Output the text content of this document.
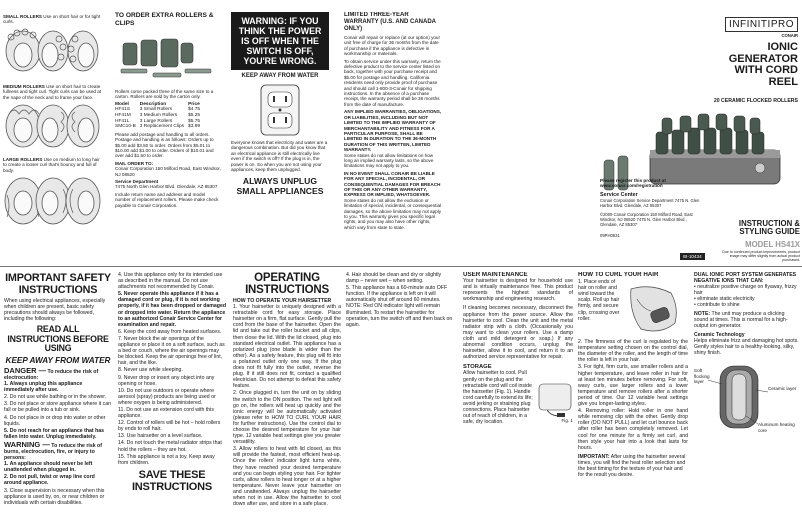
SMALL ROLLERS Use on short hair or for tight curls.
MEDIUM ROLLERS Use on short hair to create fullness and tight curl. Tight curls can be used at the nape of the neck and to frame your face.
LARGE ROLLERS Use on medium to long hair to create a looser curl that's bouncy and full of body.
TO ORDER EXTRA ROLLERS & CLIPS
Rollers come packed three of the same size to a carton. Rollers are sold by the carton only.
Model	Description	Price
HF41S	3 Small Rollers	$4.75
HF41M	3 Medium Rollers	$5.25
HF41L	3 Large Rollers	$5.75
SMC10-B	3 Replacement Clips	$3.99
Please add postage and handling to all orders. Postage and handling is as follows: Orders up to $5.00 add $3.50 to order. Orders from $5.01 to $10.00 add $1.00 to order. Orders of $10.01 and over add $1.50 to order.
MAIL ORDER TO:
Conair Corporation 150 Milford Road, East Windsor, NJ 08520
Service Department
7475 North Glen Harbor Blvd. Glendale, AZ 85307
Include return name and address and model number of replacement rollers. Please make check payable to Conair Corporation.
WARNING: IF YOU THINK THE POWER IS OFF WHEN THE SWITCH IS OFF, YOU'RE WRONG.
KEEP AWAY FROM WATER
Everyone knows that electricity and water are a dangerous combination. But did you know that an electrical appliance is still electrically live even if the switch is off? If the plug is in, the power is on. So when you are not using your appliances, keep them unplugged.
ALWAYS UNPLUG SMALL APPLIANCES
LIMITED THREE-YEAR WARRANTY (U.S. AND CANADA ONLY)
Conair will repair or replace (at our option) your unit free of charge for 36 months from the date of purchase if the appliance is defective in workmanship or materials.
To obtain service under this warranty, return the defective product to the service center listed on back, together with your purchase receipt and $5.00 for postage and handling. California residents need only provide proof of purchase and should call 1-800-3-Conair for shipping instructions. In the absence of a purchase receipt, the warranty period shall be 36 months from the date of manufacture.
ANY IMPLIED WARRANTIES, OBLIGATIONS, OR LIABILITIES, INCLUDING BUT NOT LIMITED TO THE IMPLIED WARRANTY OF MERCHANTABILITY AND FITNESS FOR A PARTICULAR PURPOSE, SHALL BE LIMITED IN DURATION TO THE 36-MONTH DURATION OF THIS WRITTEN, LIMITED WARRANTY.
Some states do not allow limitations on how long an implied warranty lasts, so the above limitations may not apply to you.
IN NO EVENT SHALL CONAIR BE LIABLE FOR ANY SPECIAL, INCIDENTAL, OR CONSEQUENTIAL DAMAGES FOR BREACH OF THIS OR ANY OTHER WARRANTY, EXPRESS OR IMPLIED, WHATSOEVER.
Some states do not allow the exclusion or limitation of special, incidental, or consequential damages, so the above limitation may not apply to you. This warranty gives you specific legal rights, and you may also have other rights, which vary from state to state.
INFINITIPRO
CONAIR
IONIC GENERATOR WITH CORD REEL
20 CERAMIC FLOCKED ROLLERS
Please register this product at www.conair.com/registration
Service Center
Conair Corporation Service Department 7475 N. Glen Harbor Blvd. Glendale, AZ 85307
©2009 Conair Corporation 150 Milford Road, East Windsor, NJ 08520 7475 N. Glen Harbor Blvd., Glendale, AZ 85307
09PH0631
IB-10434
INSTRUCTION & STYLING GUIDE
MODEL HS41X
Due to continued product improvements, product image may differ slightly from actual product purchased.
IMPORTANT SAFETY INSTRUCTIONS
When using electrical appliances, especially when children are present, basic safety precautions should always be followed, including the following:
READ ALL INSTRUCTIONS BEFORE USING
KEEP AWAY FROM WATER
DANGER — To reduce the risk of electrocution:
1. Always unplug this appliance immediately after use.
2. Do not use while bathing or in the shower.
3. Do not place or store appliance where it can fall or be pulled into a tub or sink.
4. Do not place in or drop into water or other liquids.
5. Do not reach for an appliance that has fallen into water. Unplug immediately.
WARNING — To reduce the risk of burns, electrocution, fire, or injury to persons:
1. An appliance should never be left unattended when plugged in.
2. Do not pull, twist or wrap line cord around appliance.
3. Close supervision is necessary when this appliance is used by, on, or near children or individuals with certain disabilities.
4. Use this appliance only for its intended use as described in the manual. Do not use attachments not recommended by Conair.
5. Never operate this appliance if it has a damaged cord or plug, if it is not working properly, if it has been dropped or damaged or dropped into water. Return the appliance to an authorized Conair Service Center for examination and repair.
6. Keep the cord away from heated surfaces.
7. Never block the air openings of the appliance or place it on a soft surface, such as a bed or couch, where the air openings may be blocked. Keep the air openings free of lint, hair, and the like.
8. Never use while sleeping.
9. Never drop or insert any object into any opening or hose.
10. Do not use outdoors or operate where aerosol (spray) products are being used or where oxygen is being administered.
11. Do not use an extension cord with this appliance.
12. Control of rollers will be hot – hold rollers by ends to roll hair.
13. Use hairsetter on a level surface.
14. Do not touch the metal radiator strips that hold the rollers – they are hot.
15. This appliance is not a toy. Keep away from children.
SAVE THESE INSTRUCTIONS
OPERATING INSTRUCTIONS
HOW TO OPERATE YOUR HAIRSETTER
1. Your hairsetter is uniquely designed with a retractable cord for easy storage. Place hairsetter on a firm, flat surface. Gently pull the cord from the base of the hairsetter. Open the lid and take out the roller bucket and all clips, then close the lid. With the lid closed, plug into standard electrical outlet. This appliance has a polarized plug (one blade is wider than the other). As a safety feature, this plug will fit into a polarized outlet only one way. If the plug does not fit fully into the outlet, reverse the plug. If it still does not fit, contact a qualified electrician. Do not attempt to defeat this safety feature.
2. Once plugged in, turn the unit on by sliding the switch to the ON position. The red light will go on, the rollers will heat up quickly and the ionic energy will be automatically activated (please refer to HOW TO CURL YOUR HAIR for further instructions). Use the control dial to choose the desired temperature for your hair type. 12 variable heat settings give you greater versatility.
3. Allow rollers to heat with lid closed, as this will provide the fastest, most efficient heat-up. Once the rollers' indicator light turns white, they have reached your desired temperature and you can begin styling your hair. For tighter curls, allow rollers to heat longer or at a higher temperature. Never leave your hairsetter on and unattended. Always unplug the hairsetter when not in use. Allow the hairsetter to cool down after use, and store in a safe place.
4. Hair should be clean and dry or slightly damp – never wet – when setting.
5. This appliance has a 60-minute auto OFF function. If the appliance is left on it will automatically shut off around 60 minutes. NOTE: Red ON indicator light will remain illuminated. To restart the hairsetter for operation, turn the switch off and then back on again.
USER MAINTENANCE
Your hairsetter is designed for household use and is virtually maintenance free. This product represents the highest standards of workmanship and engineering research.
If cleaning becomes necessary, disconnect the appliance from the power source. Allow the hairsetter to cool. Clean the unit and the metal radiator strip with a cloth. (Occasionally you may want to clean your rollers. Use a damp cloth and mild detergent or soap.) If any abnormal condition occurs, unplug the hairsetter, allow it to cool, and return it to an authorized service representative for repair.
STORAGE
Allow hairsetter to cool. Pull gently on the plug and the retractable cord will coil inside the hairsetter (Fig. 1). Handle cord carefully to extend its life; avoid jerking or straining plug connections. Place hairsetter out of reach of children, in a safe, dry location.	Fig. 1
HOW TO CURL YOUR HAIR
1. Place ends of hair on roller and wind toward the scalp. Roll up hair firmly, and secure clip, crossing over roller.
2. The firmness of the curl is regulated by the temperature setting chosen on the control dial, the diameter of the roller, and the length of time the roller is left in your hair.
3. For tight, firm curls, use smaller rollers and a higher temperature, and leave roller in hair for at least ten minutes before removing. For soft, wavy curls, use larger rollers and a lower temperature and remove rollers after a shorter period of time. Our 12 variable heat settings give you longer-lasting styles.
4. Removing roller: Hold roller in one hand while removing clip with the other. Gently drop roller (DO NOT PULL) and let curl bounce back after roller has been completely removed. Let cool for one minute for a firmly set curl, and then style your hair into a look that lasts for hours.
IMPORTANT: After using the hairsetter several times, you will find the heat roller selection and the best timing for the texture of your hair and for the result you desire.
DUAL IONIC PORT SYSTEM GENERATES NEGATIVE IONS THAT CAN:
• neutralize positive charge on flyaway, frizzy hair
• eliminate static electricity
• contribute to shine
NOTE: The unit may produce a clicking sound at times. This is normal for a high-output ion generator.
Ceramic Technology
Helps eliminate frizz and damaging hot spots. Gently styles hair to a healthy-looking, silky, shiny finish.
Soft flocking layer
Ceramic layer
Aluminum heating core
